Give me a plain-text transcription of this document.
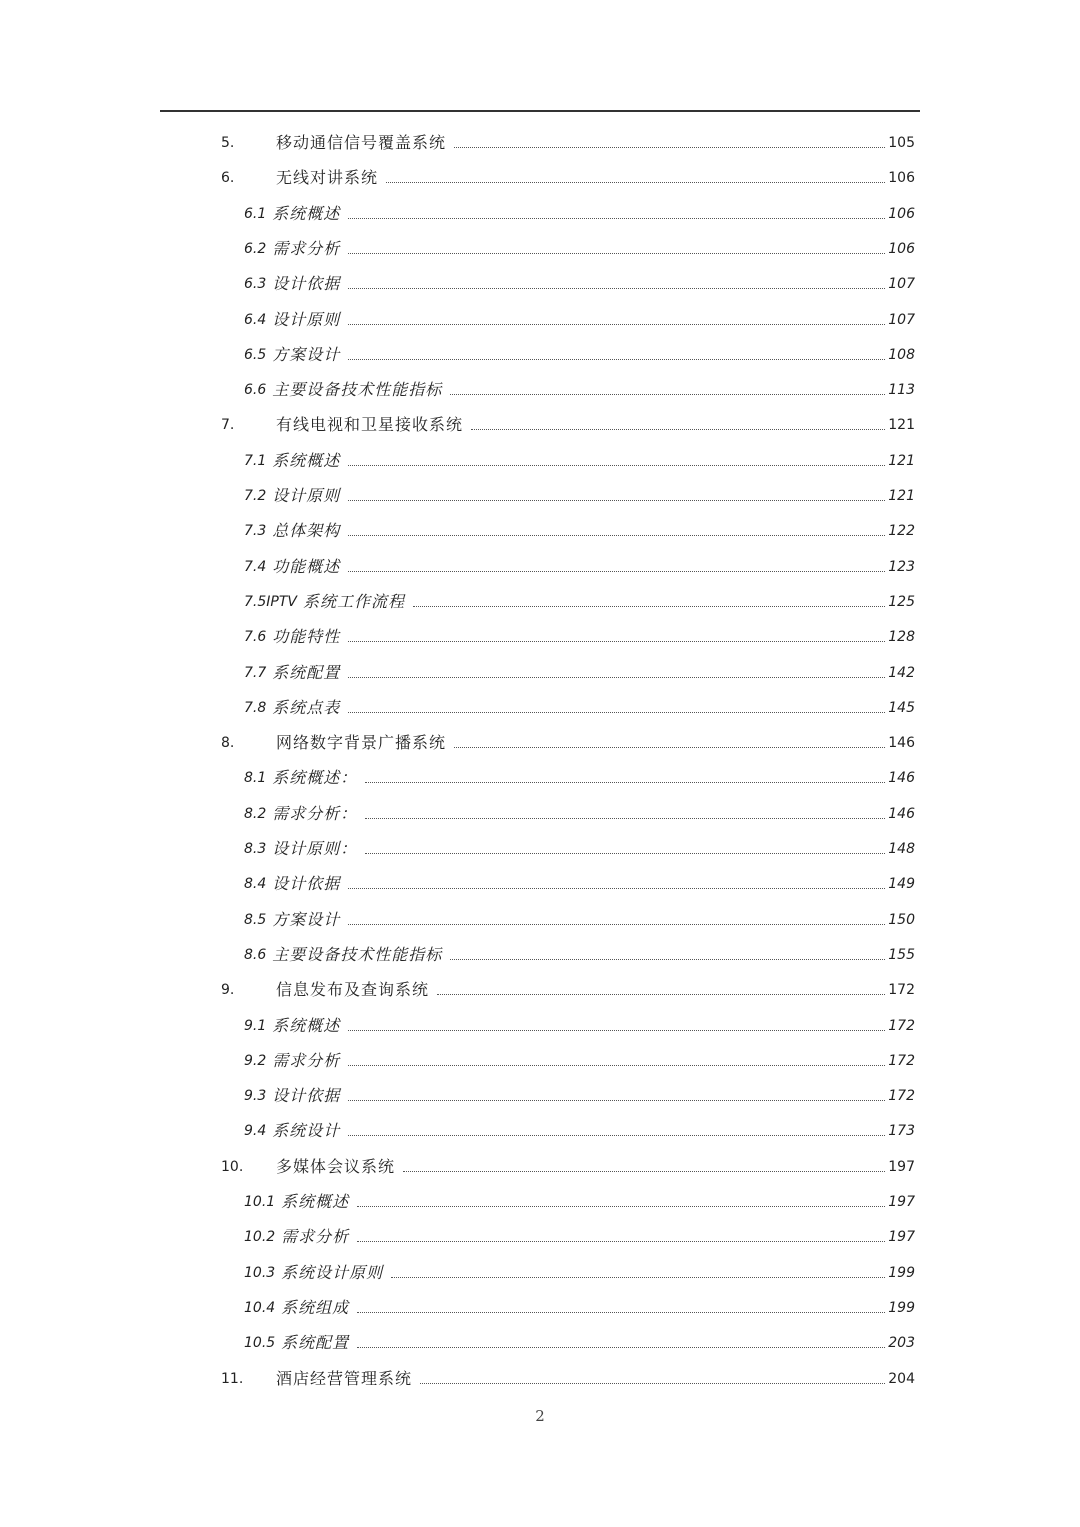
5.	移动通信信号覆盖系统	105
6.	无线对讲系统	106
6.1 系统概述	106
6.2 需求分析	106
6.3 设计依据	107
6.4 设计原则	107
6.5 方案设计	108
6.6 主要设备技术性能指标	113
7.	有线电视和卫星接收系统	121
7.1 系统概述	121
7.2 设计原则	121
7.3 总体架构	122
7.4 功能概述	123
7.5IPTV 系统工作流程	125
7.6 功能特性	128
7.7 系统配置	142
7.8 系统点表	145
8.	网络数字背景广播系统	146
8.1 系统概述：	146
8.2 需求分析：	146
8.3 设计原则：	148
8.4 设计依据	149
8.5 方案设计	150
8.6 主要设备技术性能指标	155
9.	信息发布及查询系统	172
9.1 系统概述	172
9.2 需求分析	172
9.3 设计依据	172
9.4 系统设计	173
10.	多媒体会议系统	197
10.1 系统概述	197
10.2 需求分析	197
10.3 系统设计原则	199
10.4 系统组成	199
10.5 系统配置	203
11.	酒店经营管理系统	204
2
